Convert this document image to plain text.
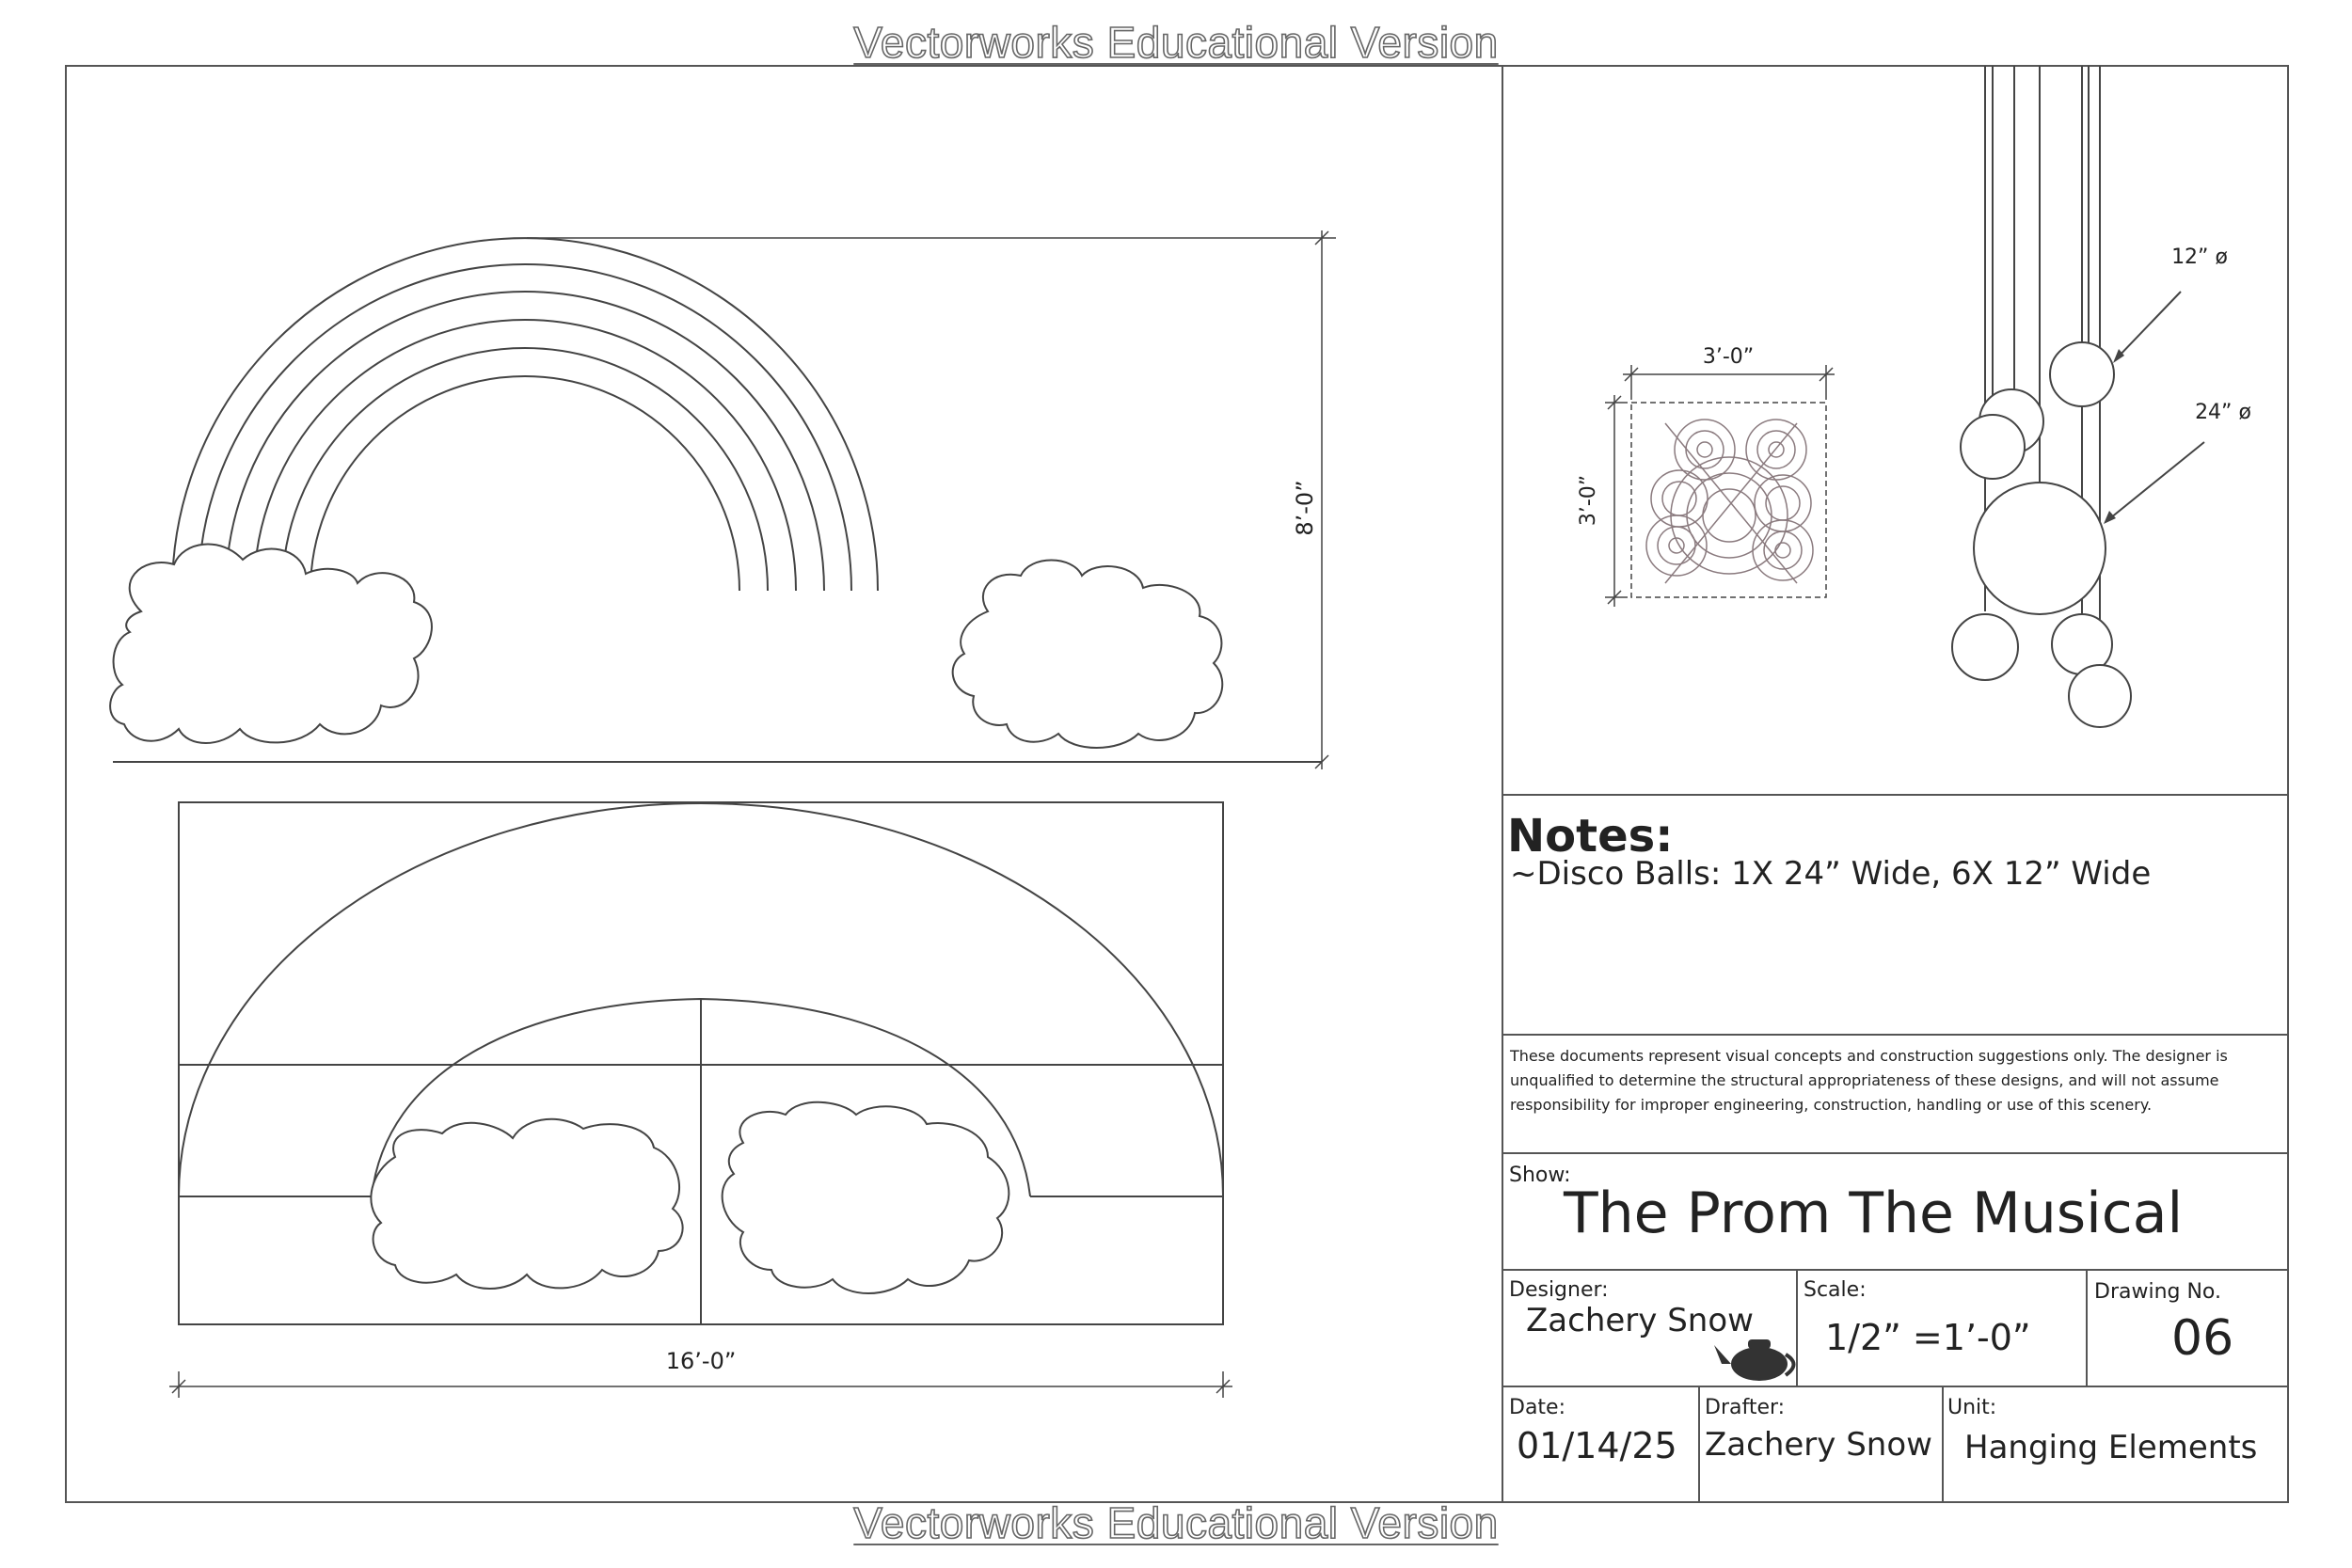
Vectorworks Educational Version
Vectorworks Educational Version
8’-0”
16’-0”
3’-0”
3’-0”
12” ø
24” ø
Notes:
~Disco Balls: 1X 24” Wide, 6X 12” Wide
These documents represent visual concepts and construction suggestions only. The designer is unqualified to determine the structural appropriateness of these designs, and will not assume responsibility for improper engineering, construction, handling or use of this scenery.
Show:
The Prom The Musical
Designer:
Zachery Snow
Scale:
1/2” =1’-0”
Drawing No.
06
Date:
01/14/25
Drafter:
Zachery Snow
Unit:
Hanging Elements
